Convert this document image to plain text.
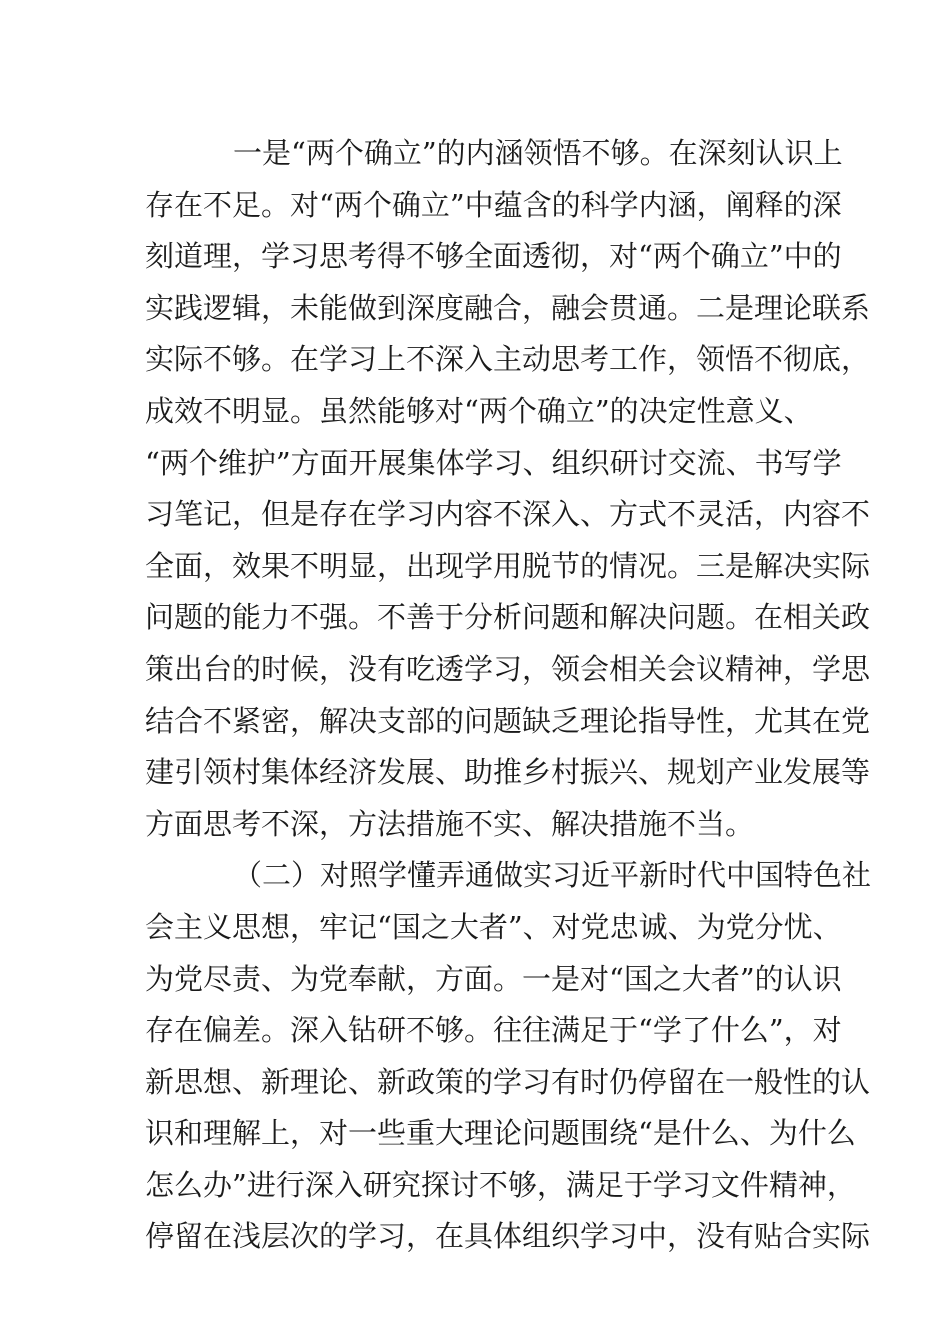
一是“两个确立”的内涵领悟不够。在深刻认识上
存在不足。对“两个确立”中蕴含的科学内涵，阐释的深
刻道理，学习思考得不够全面透彻，对“两个确立”中的
实践逻辑，未能做到深度融合，融会贯通。二是理论联系
实际不够。在学习上不深入主动思考工作，领悟不彻底，
成效不明显。虽然能够对“两个确立”的决定性意义、
“两个维护”方面开展集体学习、组织研讨交流、书写学
习笔记，但是存在学习内容不深入、方式不灵活，内容不
全面，效果不明显，出现学用脱节的情况。三是解决实际
问题的能力不强。不善于分析问题和解决问题。在相关政
策出台的时候，没有吃透学习，领会相关会议精神，学思
结合不紧密，解决支部的问题缺乏理论指导性，尤其在党
建引领村集体经济发展、助推乡村振兴、规划产业发展等
方面思考不深，方法措施不实、解决措施不当。
（二）对照学懂弄通做实习近平新时代中国特色社
会主义思想，牢记“国之大者”、对党忠诚、为党分忧、
为党尽责、为党奉献，方面。一是对“国之大者”的认识
存在偏差。深入钻研不够。往往满足于“学了什么”，对
新思想、新理论、新政策的学习有时仍停留在一般性的认
识和理解上，对一些重大理论问题围绕“是什么、为什么
怎么办”进行深入研究探讨不够，满足于学习文件精神，
停留在浅层次的学习，在具体组织学习中，没有贴合实际
